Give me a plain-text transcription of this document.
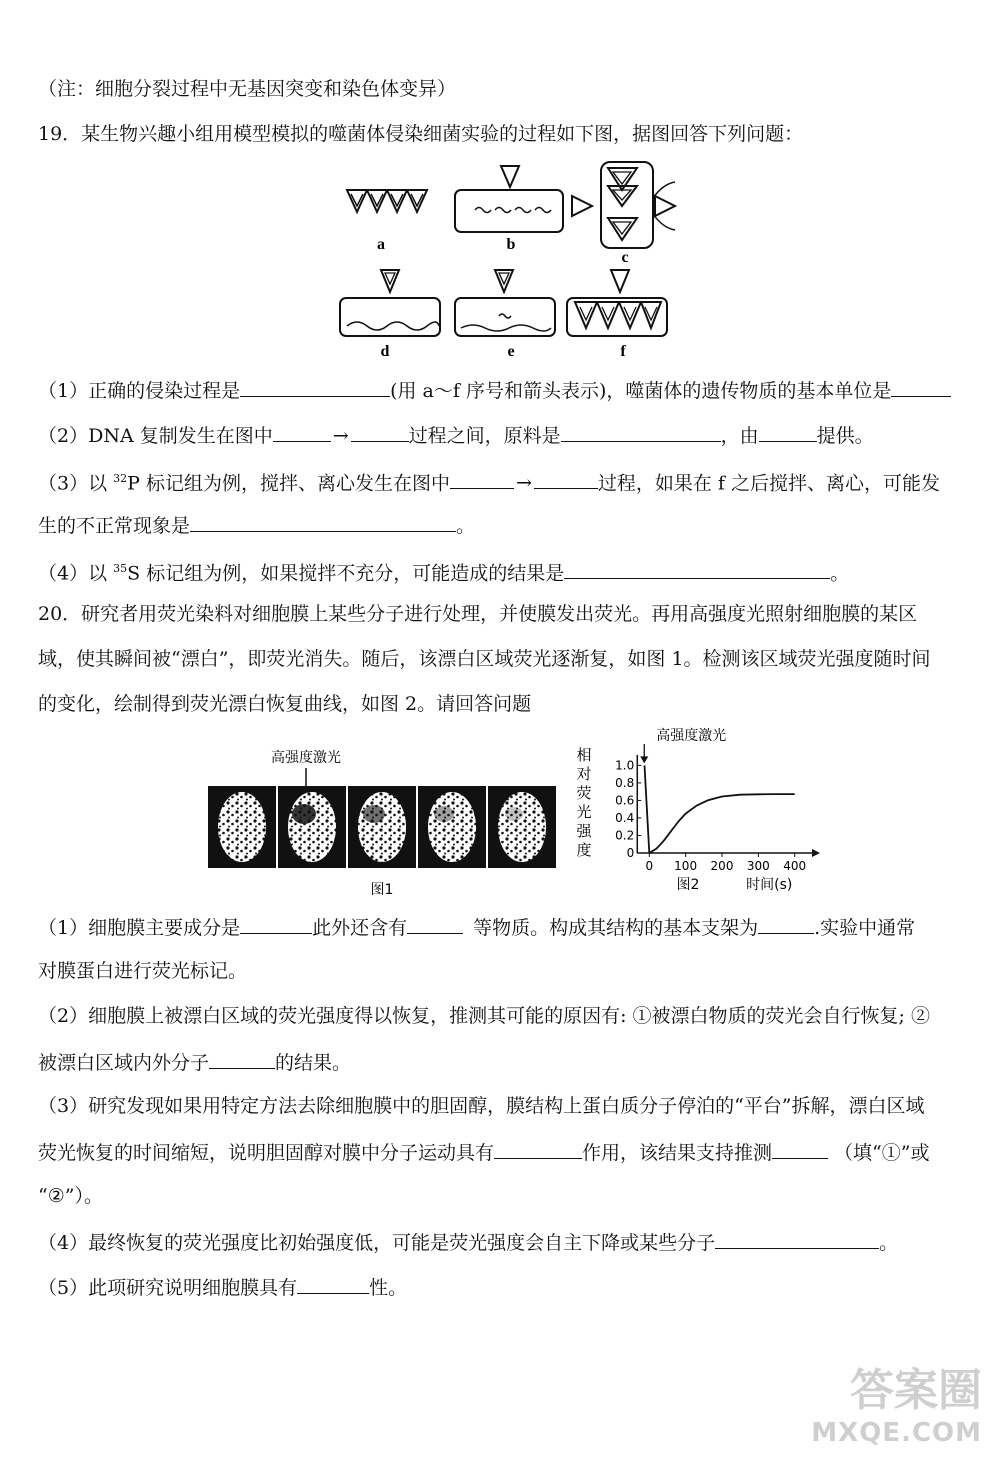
（注：细胞分裂过程中无基因突变和染色体变异）
19．某生物兴趣小组用模型模拟的噬菌体侵染细菌实验的过程如下图，据图回答下列问题：
a	b
c
d	e	f
（1）正确的侵染过程是	(用 a～f 序号和箭头表示)，噬菌体的遗传物质的基本单位是
（2）DNA 复制发生在图中	→	过程之间，原料是	，由	提供。
（3）以 $^{32}$P 标记组为例，搅拌、离心发生在图中	→	过程，如果在 f 之后搅拌、离心，可能发
生的不正常现象是	。
（4）以 $^{35}$S 标记组为例，如果搅拌不充分，可能造成的结果是	。
20．研究者用荧光染料对细胞膜上某些分子进行处理，并使膜发出荧光。再用高强度光照射细胞膜的某区
域，使其瞬间被“漂白”，即荧光消失。随后，该漂白区域荧光逐渐复，如图 1。检测该区域荧光强度随时间
的变化，绘制得到荧光漂白恢复曲线，如图 2。请回答问题
高强度激光
图1
0
0.2
0.4
0.6
0.8
1.0
0 100 200 300 400
相
对
荧
光
强
度
时间(s)
图2
高强度激光
（1）细胞膜主要成分是	此外还含有	等物质。构成其结构的基本支架为	.实验中通常
对膜蛋白进行荧光标记。
（2）细胞膜上被漂白区域的荧光强度得以恢复，推测其可能的原因有: ①被漂白物质的荧光会自行恢复; ②
被漂白区域内外分子	的结果。
（3）研究发现如果用特定方法去除细胞膜中的胆固醇，膜结构上蛋白质分子停泊的“平台”拆解，漂白区域
荧光恢复的时间缩短，说明胆固醇对膜中分子运动具有	作用，该结果支持推测	（填“①”或
“②”）。
（4）最终恢复的荧光强度比初始强度低，可能是荧光强度会自主下降或某些分子	。
（5）此项研究说明细胞膜具有	性。
答案圈
MXQE.COM
